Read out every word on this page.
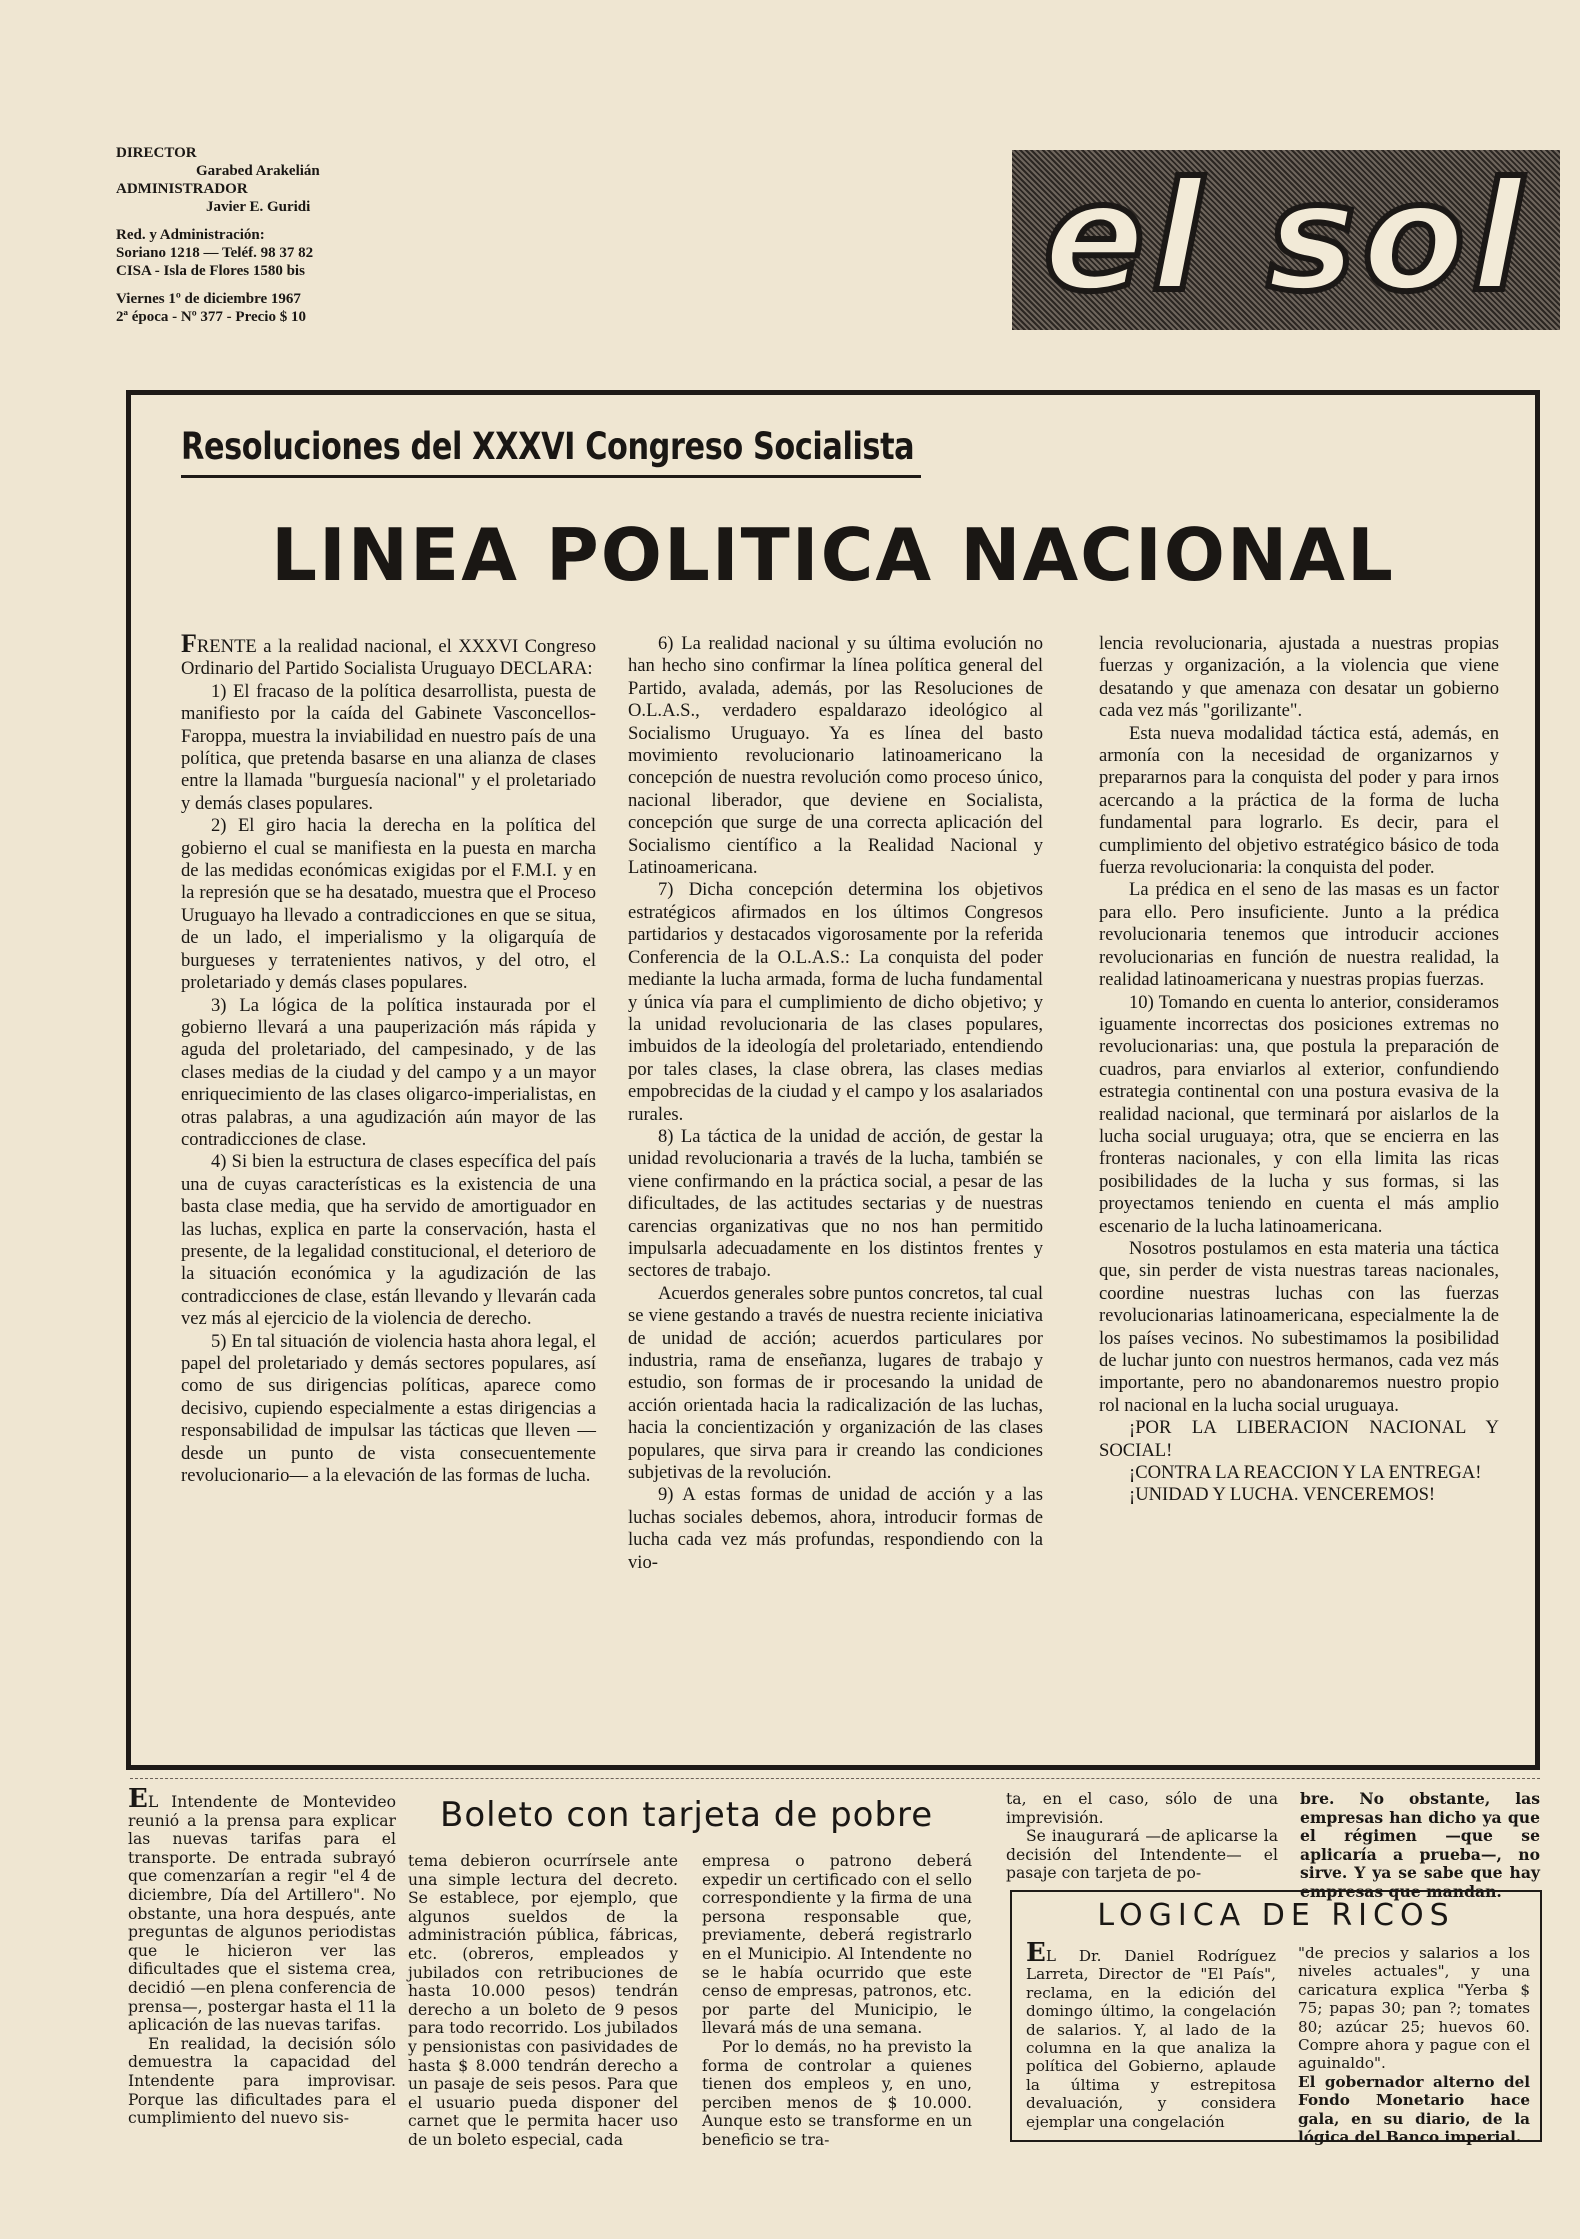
DIRECTOR
Garabed Arakelián
ADMINISTRADOR
Javier E. Guridi
Red. y Administración:
Soriano 1218 — Teléf. 98 37 82
CISA - Isla de Flores 1580 bis
Viernes 1º de diciembre 1967
2ª época - Nº 377 - Precio $ 10	el sol
Resoluciones del XXXVI Congreso Socialista
LINEA POLITICA NACIONAL

FRENTE a la realidad nacional, el XXXVI Congreso Ordinario del Partido Socialista Uruguayo DECLARA:

1) El fracaso de la política desarrollista, puesta de manifiesto por la caída del Gabinete Vasconcellos-Faroppa, muestra la inviabilidad en nuestro país de una política, que pretenda basarse en una alianza de clases entre la llamada "burguesía nacional" y el proletariado y demás clases populares.

2) El giro hacia la derecha en la política del gobierno el cual se manifiesta en la puesta en marcha de las medidas económicas exigidas por el F.M.I. y en la represión que se ha desatado, muestra que el Proceso Uruguayo ha llevado a contradicciones en que se situa, de un lado, el imperialismo y la oligarquía de burgueses y terratenientes nativos, y del otro, el proletariado y demás clases populares.

3) La lógica de la política instaurada por el gobierno llevará a una pauperización más rápida y aguda del proletariado, del campesinado, y de las clases medias de la ciudad y del campo y a un mayor enriquecimiento de las clases oligarco-imperialistas, en otras palabras, a una agudización aún mayor de las contradicciones de clase.

4) Si bien la estructura de clases específica del país una de cuyas características es la existencia de una basta clase media, que ha servido de amortiguador en las luchas, explica en parte la conservación, hasta el presente, de la legalidad constitucional, el deterioro de la situación económica y la agudización de las contradicciones de clase, están llevando y llevarán cada vez más al ejercicio de la violencia de derecho.

5) En tal situación de violencia hasta ahora legal, el papel del proletariado y demás sectores populares, así como de sus dirigencias políticas, aparece como decisivo, cupiendo especialmente a estas dirigencias a responsabilidad de impulsar las tácticas que lleven —desde un punto de vista consecuentemente revolucionario— a la elevación de las formas de lucha.

6) La realidad nacional y su última evolución no han hecho sino confirmar la línea política general del Partido, avalada, además, por las Resoluciones de O.L.A.S., verdadero espaldarazo ideológico al Socialismo Uruguayo. Ya es línea del basto movimiento revolucionario latinoamericano la concepción de nuestra revolución como proceso único, nacional liberador, que deviene en Socialista, concepción que surge de una correcta aplicación del Socialismo científico a la Realidad Nacional y Latinoamericana.

7) Dicha concepción determina los objetivos estratégicos afirmados en los últimos Congresos partidarios y destacados vigorosamente por la referida Conferencia de la O.L.A.S.: La conquista del poder mediante la lucha armada, forma de lucha fundamental y única vía para el cumplimiento de dicho objetivo; y la unidad revolucionaria de las clases populares, imbuidos de la ideología del proletariado, entendiendo por tales clases, la clase obrera, las clases medias empobrecidas de la ciudad y el campo y los asalariados rurales.

8) La táctica de la unidad de acción, de gestar la unidad revolucionaria a través de la lucha, también se viene confirmando en la práctica social, a pesar de las dificultades, de las actitudes sectarias y de nuestras carencias organizativas que no nos han permitido impulsarla adecuadamente en los distintos frentes y sectores de trabajo.

Acuerdos generales sobre puntos concretos, tal cual se viene gestando a través de nuestra reciente iniciativa de unidad de acción; acuerdos particulares por industria, rama de enseñanza, lugares de trabajo y estudio, son formas de ir procesando la unidad de acción orientada hacia la radicalización de las luchas, hacia la concientización y organización de las clases populares, que sirva para ir creando las condiciones subjetivas de la revolución.

9) A estas formas de unidad de acción y a las luchas sociales debemos, ahora, introducir formas de lucha cada vez más profundas, respondiendo con la vio-

lencia revolucionaria, ajustada a nuestras propias fuerzas y organización, a la violencia que viene desatando y que amenaza con desatar un gobierno cada vez más "gorilizante".

Esta nueva modalidad táctica está, además, en armonía con la necesidad de organizarnos y prepararnos para la conquista del poder y para irnos acercando a la práctica de la forma de lucha fundamental para lograrlo. Es decir, para el cumplimiento del objetivo estratégico básico de toda fuerza revolucionaria: la conquista del poder.

La prédica en el seno de las masas es un factor para ello. Pero insuficiente. Junto a la prédica revolucionaria tenemos que introducir acciones revolucionarias en función de nuestra realidad, la realidad latinoamericana y nuestras propias fuerzas.

10) Tomando en cuenta lo anterior, consideramos iguamente incorrectas dos posiciones extremas no revolucionarias: una, que postula la preparación de cuadros, para enviarlos al exterior, confundiendo estrategia continental con una postura evasiva de la realidad nacional, que terminará por aislarlos de la lucha social uruguaya; otra, que se encierra en las fronteras nacionales, y con ella limita las ricas posibilidades de la lucha y sus formas, si las proyectamos teniendo en cuenta el más amplio escenario de la lucha latinoamericana.

Nosotros postulamos en esta materia una táctica que, sin perder de vista nuestras tareas nacionales, coordine nuestras luchas con las fuerzas revolucionarias latinoamericana, especialmente la de los países vecinos. No subestimamos la posibilidad de luchar junto con nuestros hermanos, cada vez más importante, pero no abandonaremos nuestro propio rol nacional en la lucha social uruguaya.

¡POR LA LIBERACION NACIONAL Y SOCIAL!

¡CONTRA LA REACCION Y LA ENTREGA!

¡UNIDAD Y LUCHA. VENCEREMOS!

EL Intendente de Montevideo reunió a la prensa para explicar las nuevas tarifas para el transporte. De entrada subrayó que comenzarían a regir "el 4 de diciembre, Día del Artillero". No obstante, una hora después, ante preguntas de algunos periodistas que le hicieron ver las dificultades que el sistema crea, decidió —en plena conferencia de prensa—, postergar hasta el 11 la aplicación de las nuevas tarifas.

En realidad, la decisión sólo demuestra la capacidad del Intendente para improvisar. Porque las dificultades para el cumplimiento del nuevo sis-

Boleto con tarjeta de pobre

tema debieron ocurrírsele ante una simple lectura del decreto. Se establece, por ejemplo, que algunos sueldos de la administración pública, fábricas, etc. (obreros, empleados y jubilados con retribuciones de hasta 10.000 pesos) tendrán derecho a un boleto de 9 pesos para todo recorrido. Los jubilados y pensionistas con pasividades de hasta $ 8.000 tendrán derecho a un pasaje de seis pesos. Para que el usuario pueda disponer del carnet que le permita hacer uso de un boleto especial, cada

empresa o patrono deberá expedir un certificado con el sello correspondiente y la firma de una persona responsable que, previamente, deberá registrarlo en el Municipio. Al Intendente no se le había ocurrido que este censo de empresas, patronos, etc. por parte del Municipio, le llevará más de una semana.

Por lo demás, no ha previsto la forma de controlar a quienes tienen dos empleos y, en uno, perciben menos de $ 10.000. Aunque esto se transforme en un beneficio se tra-

ta, en el caso, sólo de una imprevisión.

Se inaugurará —de aplicarse la decisión del Intendente— el pasaje con tarjeta de po-

bre. No obstante, las empresas han dicho ya que el régimen —que se aplicaría a prueba—, no sirve. Y ya se sabe que hay empresas que mandan.

LOGICA DE RICOS

EL Dr. Daniel Rodríguez Larreta, Director de "El País", reclama, en la edición del domingo último, la congelación de salarios. Y, al lado de la columna en la que analiza la política del Gobierno, aplaude la última y estrepitosa devaluación, y considera ejemplar una congelación

"de precios y salarios a los niveles actuales", y una caricatura explica "Yerba $ 75; papas 30; pan ?; tomates 80; azúcar 25; huevos 60. Compre ahora y pague con el aguinaldo".

El gobernador alterno del Fondo Monetario hace gala, en su diario, de la lógica del Banco imperial.
